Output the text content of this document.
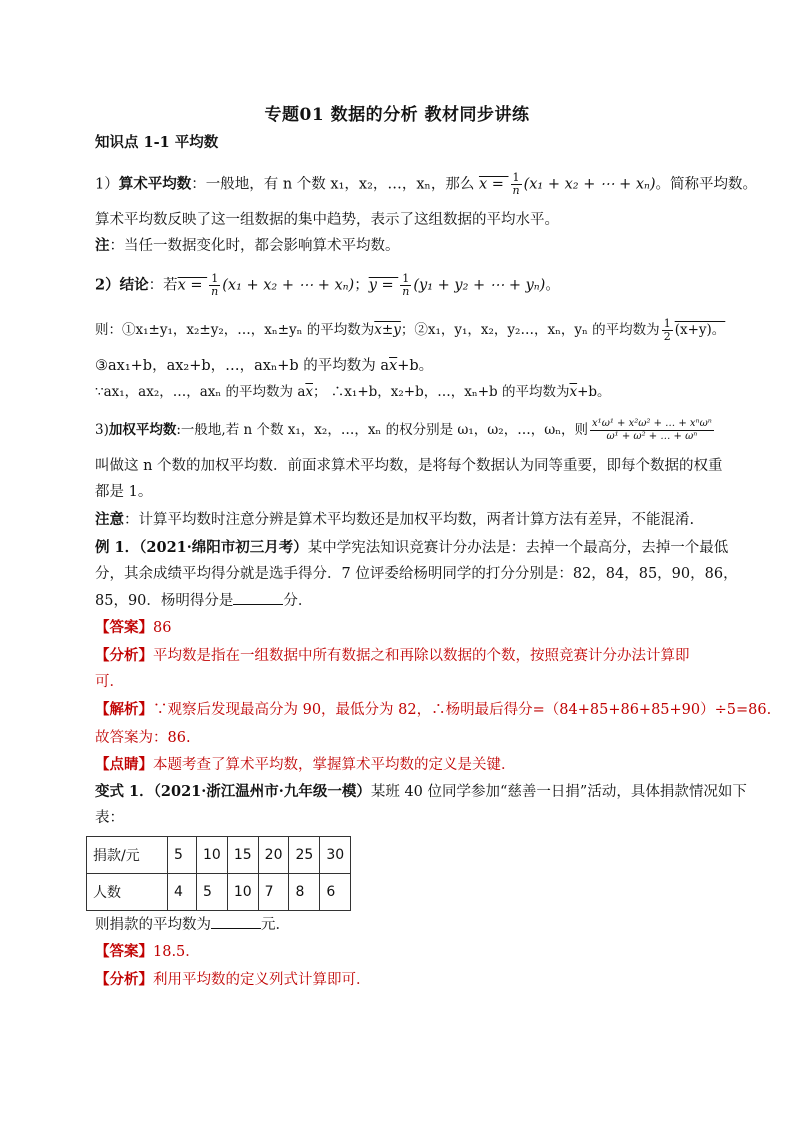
专题01 数据的分析 教材同步讲练
知识点 1-1 平均数
1）算术平均数：一般地，有 n 个数 x₁，x₂，…，xₙ，那么 $x = \frac{1}{n} (x_1 + x_2$ + ⋯ + xₙ)。简称平均数。
算术平均数反映了这一组数据的集中趋势，表示了这组数据的平均水平。
注：当任一数据变化时，都会影响算术平均数。
2）结论：若$x = \frac{1}{n} (x_1 + x_2$ + ⋯ + xₙ)；$y = \frac{1}{n} (y_1 + y_2$ + ⋯ + yₙ)。
则：①x₁±y₁，x₂±y₂，…，xₙ±yₙ 的平均数为x±y；②x₁，y₁，x₂，y₂…，xₙ，yₙ 的平均数为 $\frac{1}{2} (x+y)$。
③ax₁+b，ax₂+b，…，axₙ+b 的平均数为 $a\overline{x}+b$。
∵ax₁，ax₂，…，axₙ 的平均数为 $a\overline{x}$； ∴x₁+b，x₂+b，…，xₙ+b 的平均数为$\overline{x}+b$。
3)加权平均数:一般地,若 n 个数 x₁，x₂，…，xₙ 的权分别是 ω₁，ω₂，…，ωₙ，则 $\frac{\text{x¹ω¹ + x²ω² + … + xⁿωⁿ}}{\text{ω¹ + ω² + … + ωⁿ}}$
叫做这 n 个数的加权平均数．前面求算术平均数，是将每个数据认为同等重要，即每个数据的权重
都是 1。
注意：计算平均数时注意分辨是算术平均数还是加权平均数，两者计算方法有差异，不能混淆.
例 1．（2021·绵阳市初三月考）某中学宪法知识竞赛计分办法是：去掉一个最高分，去掉一个最低
分，其余成绩平均得分就是选手得分．7 位评委给杨明同学的打分分别是：82，84，85，90，86，
85，90．杨明得分是	分．
【答案】86
【分析】平均数是指在一组数据中所有数据之和再除以数据的个数，按照竞赛计分办法计算即
可．
【解析】∵观察后发现最高分为 90，最低分为 82，∴杨明最后得分=（84+85+86+85+90）÷5=86.
故答案为：86.
【点睛】本题考查了算术平均数，掌握算术平均数的定义是关键．
变式 1．（2021·浙江温州市·九年级一模）某班 40 位同学参加“慈善一日捐”活动，具体捐款情况如下
表：
捐款/元	5	10	15	20	25	30
人数	4	5	10	7	8	6
则捐款的平均数为	元．
【答案】18.5．
【分析】利用平均数的定义列式计算即可．
